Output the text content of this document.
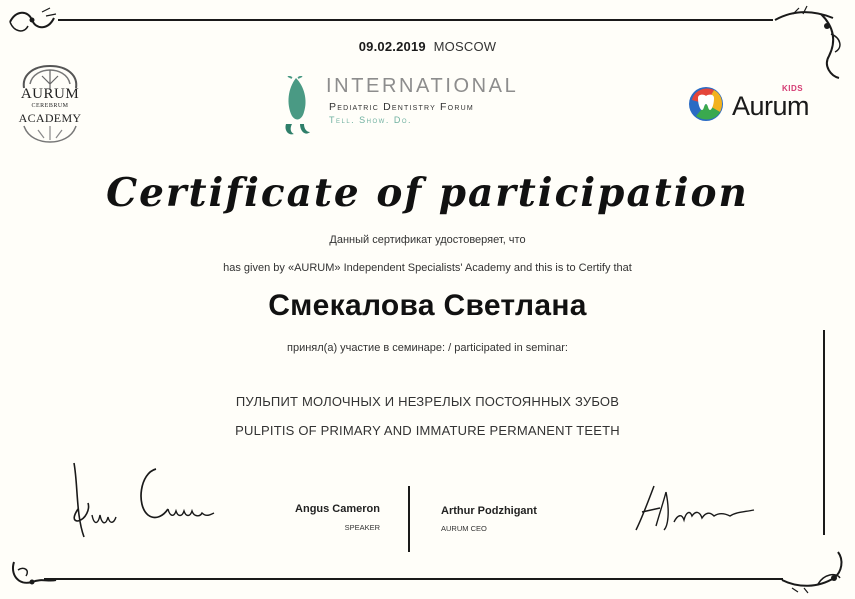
09.02.2019 MOSCOW
AURUM
CEREBRUM
ACADEMY
INTERNATIONAL
Pediatric Dentistry Forum
Tell. Show. Do.
KIDS
Aurum
Certificate of participation
Данный сертификат удостоверяет, что
has given by «AURUM» Independent Specialists' Academy and this is to Certify that
Смекалова Светлана
принял(а) участие в семинаре: / participated in seminar:
ПУЛЬПИТ МОЛОЧНЫХ И НЕЗРЕЛЫХ ПОСТОЯННЫХ ЗУБОВ
PULPITIS OF PRIMARY AND IMMATURE PERMANENT TEETH
Angus Cameron
SPEAKER
Arthur Podzhigant
AURUM CEO
